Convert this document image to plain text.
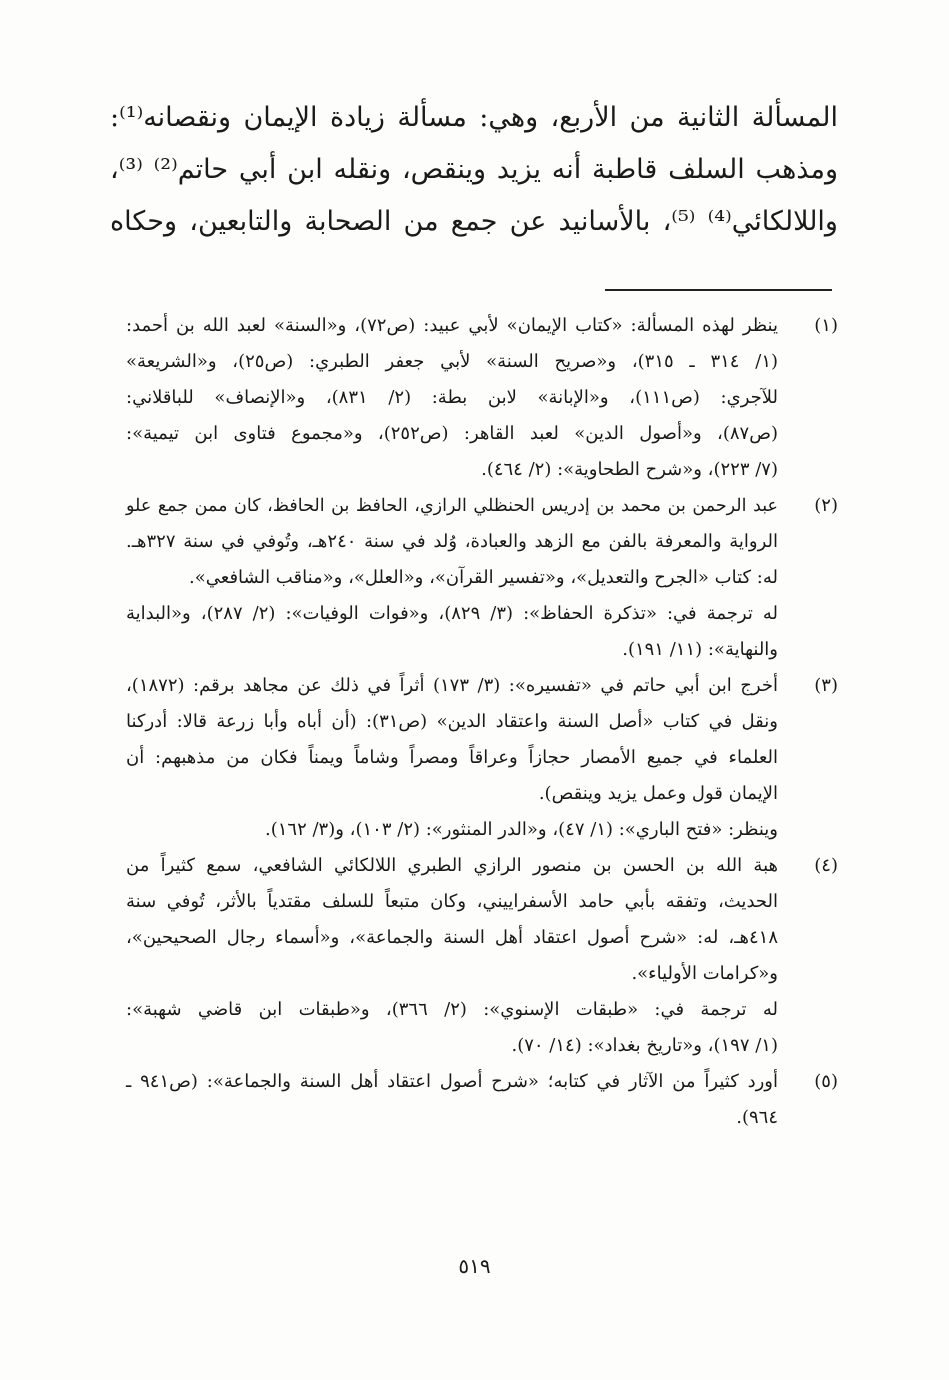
المسألة الثانية من الأربع، وهي: مسألة زيادة الإيمان ونقصانه⁽¹⁾:
ومذهب السلف قاطبة أنه يزيد وينقص، ونقله ابن أبي حاتم⁽²⁾ ⁽³⁾،
واللالكائي⁽⁴⁾ ⁽⁵⁾، بالأسانيد عن جمع من الصحابة والتابعين، وحكاه
(١)
ينظر لهذه المسألة: «كتاب الإيمان» لأبي عبيد: (ص٧٢)، و«السنة» لعبد الله بن أحمد:
(١/ ٣١٤ ـ ٣١٥)، و«صريح السنة» لأبي جعفر الطبري: (ص٢٥)، و«الشريعة»
للآجري: (ص١١١)، و«الإبانة» لابن بطة: (٢/ ٨٣١)، و«الإنصاف» للباقلاني:
(ص٨٧)، و«أصول الدين» لعبد القاهر: (ص٢٥٢)، و«مجموع فتاوى ابن تيمية»:
(٧/ ٢٢٣)، و«شرح الطحاوية»: (٢/ ٤٦٤).
(٢)
عبد الرحمن بن محمد بن إدريس الحنظلي الرازي، الحافظ بن الحافظ، كان ممن جمع علو
الرواية والمعرفة بالفن مع الزهد والعبادة، وُلد في سنة ٢٤٠هـ، وتُوفي في سنة ٣٢٧هـ.
له: كتاب «الجرح والتعديل»، و«تفسير القرآن»، و«العلل»، و«مناقب الشافعي».
له ترجمة في: «تذكرة الحفاظ»: (٣/ ٨٢٩)، و«فوات الوفيات»: (٢/ ٢٨٧)، و«البداية
والنهاية»: (١١/ ١٩١).
(٣)
أخرج ابن أبي حاتم في «تفسيره»: (٣/ ١٧٣) أثراً في ذلك عن مجاهد برقم: (١٨٧٢)،
ونقل في كتاب «أصل السنة واعتقاد الدين» (ص٣١): (أن أباه وأبا زرعة قالا: أدركنا
العلماء في جميع الأمصار حجازاً وعراقاً ومصراً وشاماً ويمناً فكان من مذهبهم: أن
الإيمان قول وعمل يزيد وينقص).
وينظر: «فتح الباري»: (١/ ٤٧)، و«الدر المنثور»: (٢/ ١٠٣)، و(٣/ ١٦٢).
(٤)
هبة الله بن الحسن بن منصور الرازي الطبري اللالكائي الشافعي، سمع كثيراً من
الحديث، وتفقه بأبي حامد الأسفراييني، وكان متبعاً للسلف مقتدياً بالأثر، تُوفي سنة
٤١٨هـ، له: «شرح أصول اعتقاد أهل السنة والجماعة»، و«أسماء رجال الصحيحين»،
و«كرامات الأولياء».
له ترجمة في: «طبقات الإسنوي»: (٢/ ٣٦٦)، و«طبقات ابن قاضي شهبة»:
(١/ ١٩٧)، و«تاريخ بغداد»: (١٤/ ٧٠).
(٥)
أورد كثيراً من الآثار في كتابه؛ «شرح أصول اعتقاد أهل السنة والجماعة»: (ص٩٤١ ـ
٩٦٤).
٥١٩
